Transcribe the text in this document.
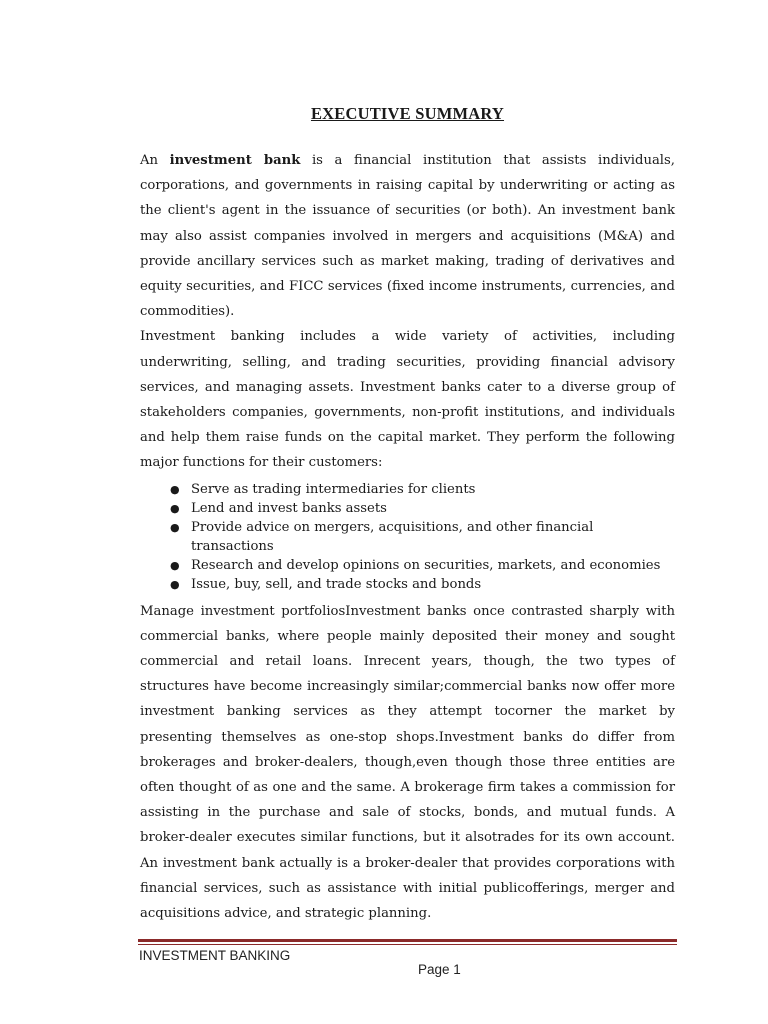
EXECUTIVE SUMMARY

An investment bank is a financial institution that assists individuals, corporations, and governments in raising capital by underwriting or acting as the client's agent in the issuance of securities (or both). An investment bank may also assist companies involved in mergers and acquisitions (M&A) and provide ancillary services such as market making, trading of derivatives and equity securities, and FICC services (fixed income instruments, currencies, and commodities).

Investment banking includes a wide variety of activities, including underwriting, selling, and trading securities, providing financial advisory services, and managing assets. Investment banks cater to a diverse group of stakeholders companies, governments, non-profit institutions, and individuals and help them raise funds on the capital market. They perform the following major functions for their customers:

● Serve as trading intermediaries for clients
● Lend and invest banks assets
● Provide advice on mergers, acquisitions, and other financial transactions
● Research and develop opinions on securities, markets, and economies
● Issue, buy, sell, and trade stocks and bonds

Manage investment portfoliosInvestment banks once contrasted sharply with commercial banks, where people mainly deposited their money and sought commercial and retail loans. Inrecent years, though, the two types of structures have become increasingly similar;commercial banks now offer more investment banking services as they attempt tocorner the market by presenting themselves as one-stop shops.Investment banks do differ from brokerages and broker-dealers, though,even though those three entities are often thought of as one and the same. A brokerage firm takes a commission for assisting in the purchase and sale of stocks, bonds, and mutual funds. A broker-dealer executes similar functions, but it alsotrades for its own account. An investment bank actually is a broker-dealer that provides corporations with financial services, such as assistance with initial publicofferings, merger and acquisitions advice, and strategic planning.

INVESTMENT BANKING
Page 1
